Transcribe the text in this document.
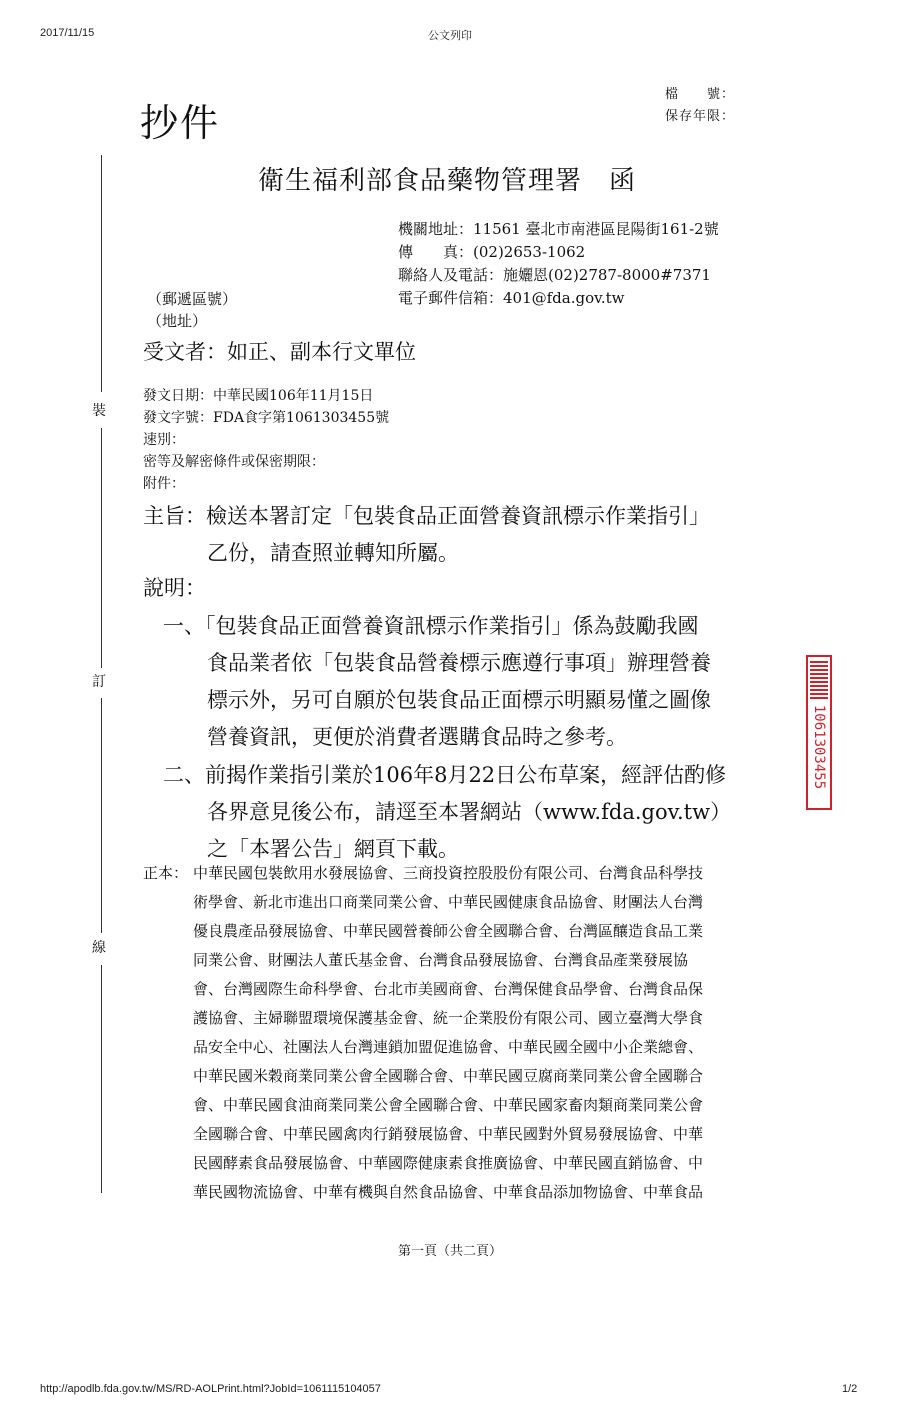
2017/11/15	公文列印
抄件
檔　　號：
保存年限：
衛生福利部食品藥物管理署　函
機關地址：11561 臺北市南港區昆陽街161-2號
傳　　真：(02)2653-1062
聯絡人及電話：施孋恩(02)2787-8000#7371
電子郵件信箱：401@fda.gov.tw
（郵遞區號）
（地址）
受文者：如正、副本行文單位
發文日期：中華民國106年11月15日
發文字號：FDA食字第1061303455號
速別：
密等及解密條件或保密期限：
附件：
主旨：檢送本署訂定「包裝食品正面營養資訊標示作業指引」
乙份，請查照並轉知所屬。
說明：
一、「包裝食品正面營養資訊標示作業指引」係為鼓勵我國
食品業者依「包裝食品營養標示應遵行事項」辦理營養
標示外，另可自願於包裝食品正面標示明顯易懂之圖像
營養資訊，更便於消費者選購食品時之參考。
二、前揭作業指引業於106年8月22日公布草案，經評估酌修
各界意見後公布，請逕至本署網站（www.fda.gov.tw）
之「本署公告」網頁下載。
正本： 中華民國包裝飲用水發展協會、三商投資控股股份有限公司、台灣食品科學技
術學會、新北市進出口商業同業公會、中華民國健康食品協會、財團法人台灣
優良農產品發展協會、中華民國營養師公會全國聯合會、台灣區釀造食品工業
同業公會、財團法人董氏基金會、台灣食品發展協會、台灣食品產業發展協
會、台灣國際生命科學會、台北市美國商會、台灣保健食品學會、台灣食品保
護協會、主婦聯盟環境保護基金會、統一企業股份有限公司、國立臺灣大學食
品安全中心、社團法人台灣連鎖加盟促進協會、中華民國全國中小企業總會、
中華民國米穀商業同業公會全國聯合會、中華民國豆腐商業同業公會全國聯合
會、中華民國食油商業同業公會全國聯合會、中華民國家畜肉類商業同業公會
全國聯合會、中華民國禽肉行銷發展協會、中華民國對外貿易發展協會、中華
民國酵素食品發展協會、中華國際健康素食推廣協會、中華民國直銷協會、中
華民國物流協會、中華有機與自然食品協會、中華食品添加物協會、中華食品
裝
訂
線
1061303455
第一頁（共二頁）
http://apodlb.fda.gov.tw/MS/RD-AOLPrint.html?JobId=1061115104057	1/2
